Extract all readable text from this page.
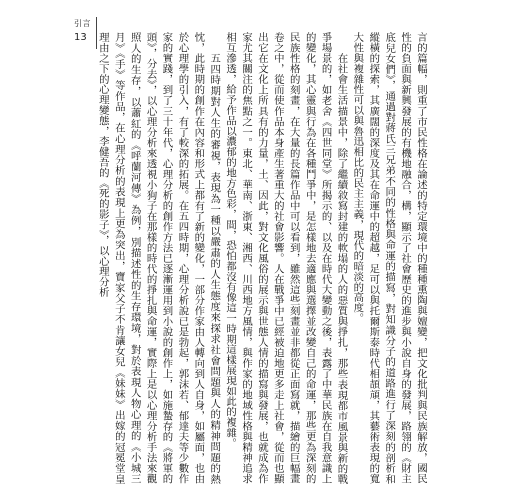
引言
13	言的篇幅，則重了市民性格在論述的特定環境中的種種熏陶與嬗變，把文化批判與民族解放，國民性的負面與新興發展的有機地融合，構，顯示了社會歷史的進步與小說自身的發展，路翎的《財主底兒女們》，通過對蔣氏三兄弟不同的性格與命運的描寫，對知識分子的道路進行了深刻的剖析和縱橫的探索，其廣闊的深度及其在命運中的超越，足可以與托爾斯泰時代相頡頏，其藝術表現的寬大性與複雜性可以與魯迅相比的民主主義，現代的暗淡的高度。

在社會生活描景中，除了繼續敘寫封建的軟塌的人的惡質與掙扎，那些表現都市風景與新的戰爭場景的，如老舍《四世同堂》所揭示的、以及在時代大變動之後，表露了中華民族在自我意識上的變化，其心靈與行為在各種鬥爭中，是怎樣地去適應與選擇並改變自己的命運，那些更為深刻的民族性格的刻畫，在大量的長篇作品中可以看到，雖然這些刻畫並非都從正面寫就，描繪的巨幅畫卷之中，從而使作品本身產生著重大的社會影響。人在戰爭中已經被迫地更多走上社會，從而也顯出它在文化上所具有的力量，土、因此，對文化風俗的展示與世態人情的描寫與發展，也就成為作家尤其關注的焦點之一。東北、華南、浙東、湘西、川西地方風情，與作家的地域性格與精神追求相互滲透，給予作品以濃郁的地方色彩，間，恐怕都沒有像這一時期這樣展現如此的複雜。

五四時期對人生的審視，表現為一種以嚴肅的人生態度來探求社會問題與人的精神問題的熱忱，此時期的創作在內容和形式上都有了新的變化，一部分作家由人轉向到人自身，如屬面，也由於心理學的引入，有了較深的拓展。在五四時期，心理分析說已是勃起，郭沫若、郁達夫等少數作家的實踐，到了三十年代，心理分析的創作方法已逐漸運用到小說的創作上，如施蟄存的《將軍的頭》，分去》，以心理分析來透視小狗子在那樣的時代的掙扎與命運，實際上是以心理分析手法來觀照人的生存，以蕭紅的《呼蘭河傳》為例，別描述性的生存環境，對於表現人物心理的《小城三月》《手》等作品，在心理分析的表現上更為突出，寶家父子不肯讓女兒《妹妹》出嫁的冠冕堂皇理由之下的心理變態，李健吾的《死的影子》，以心理分析
